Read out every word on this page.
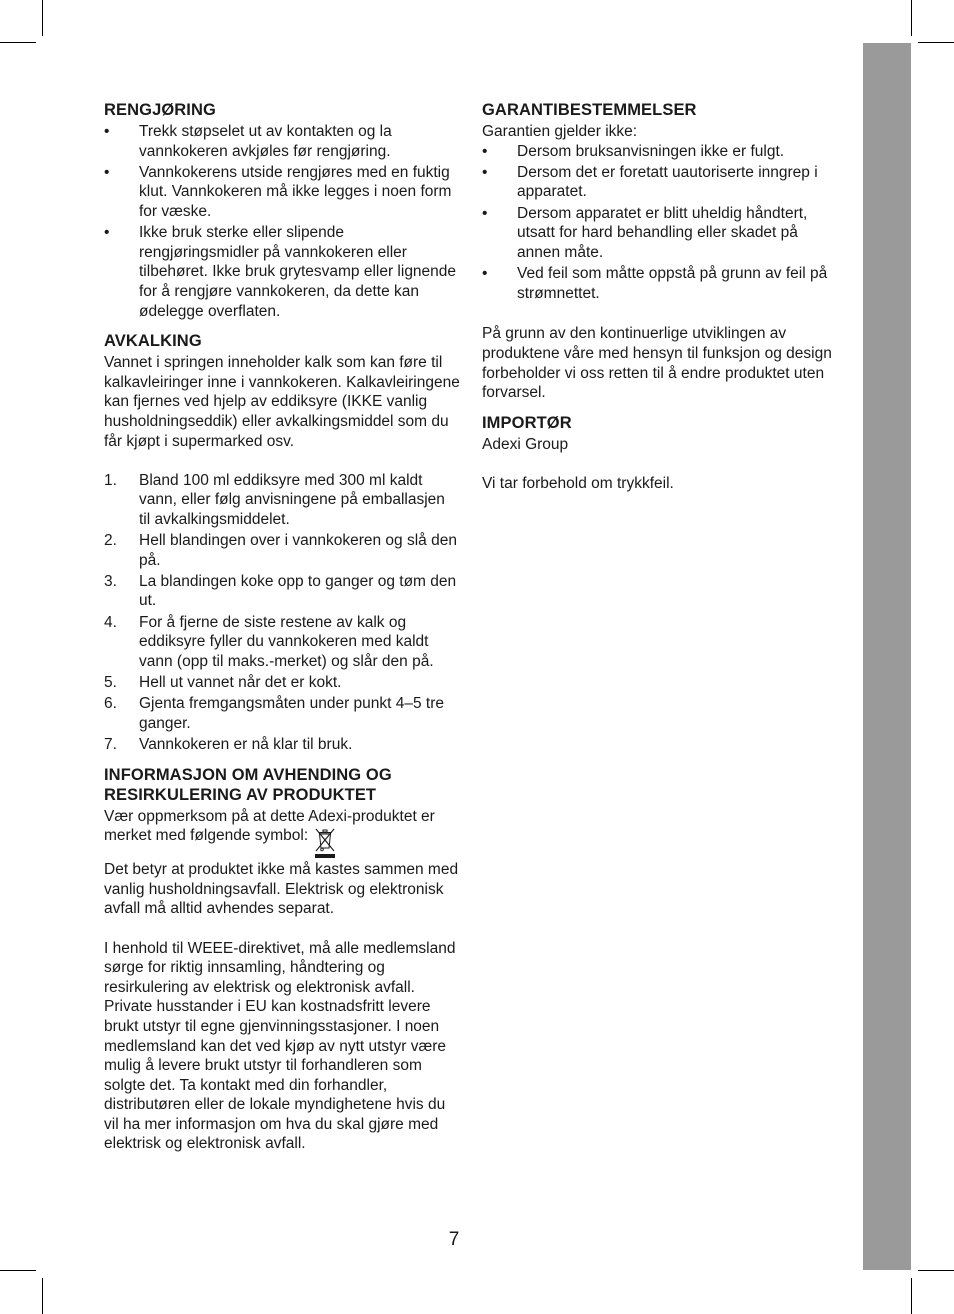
RENGJØRING
• Trekk støpselet ut av kontakten og la vannkokeren avkjøles før rengjøring.
• Vannkokerens utside rengjøres med en fuktig klut. Vannkokeren må ikke legges i noen form for væske.
• Ikke bruk sterke eller slipende rengjøringsmidler på vannkokeren eller tilbehøret. Ikke bruk grytesvamp eller lignende for å rengjøre vannkokeren, da dette kan ødelegge overflaten.
AVKALKING

Vannet i springen inneholder kalk som kan føre til kalkavleiringer inne i vannkokeren. Kalkavleiringene kan fjernes ved hjelp av eddiksyre (IKKE vanlig husholdningseddik) eller avkalkingsmiddel som du får kjøpt i supermarked osv.

1. Bland 100 ml eddiksyre med 300 ml kaldt vann, eller følg anvisningene på emballasjen til avkalkingsmiddelet.
2. Hell blandingen over i vannkokeren og slå den på.
3. La blandingen koke opp to ganger og tøm den ut.
4. For å fjerne de siste restene av kalk og eddiksyre fyller du vannkokeren med kaldt vann (opp til maks.-merket) og slår den på.
5. Hell ut vannet når det er kokt.
6. Gjenta fremgangsmåten under punkt 4–5 tre ganger.
7. Vannkokeren er nå klar til bruk.
INFORMASJON OM AVHENDING OG RESIRKULERING AV PRODUKTET

Vær oppmerksom på at dette Adexi-produktet er merket med følgende symbol:

Det betyr at produktet ikke må kastes sammen med vanlig husholdningsavfall. Elektrisk og elektronisk avfall må alltid avhendes separat.

I henhold til WEEE-direktivet, må alle medlemsland sørge for riktig innsamling, håndtering og resirkulering av elektrisk og elektronisk avfall. Private husstander i EU kan kostnadsfritt levere brukt utstyr til egne gjenvinningsstasjoner. I noen medlemsland kan det ved kjøp av nytt utstyr være mulig å levere brukt utstyr til forhandleren som solgte det. Ta kontakt med din forhandler, distributøren eller de lokale myndighetene hvis du vil ha mer informasjon om hva du skal gjøre med elektrisk og elektronisk avfall.

GARANTIBESTEMMELSER

Garantien gjelder ikke:

• Dersom bruksanvisningen ikke er fulgt.
• Dersom det er foretatt uautoriserte inngrep i apparatet.
• Dersom apparatet er blitt uheldig håndtert, utsatt for hard behandling eller skadet på annen måte.
• Ved feil som måtte oppstå på grunn av feil på strømnettet.

På grunn av den kontinuerlige utviklingen av produktene våre med hensyn til funksjon og design forbeholder vi oss retten til å endre produktet uten forvarsel.

IMPORTØR

Adexi Group

Vi tar forbehold om trykkfeil.

7
